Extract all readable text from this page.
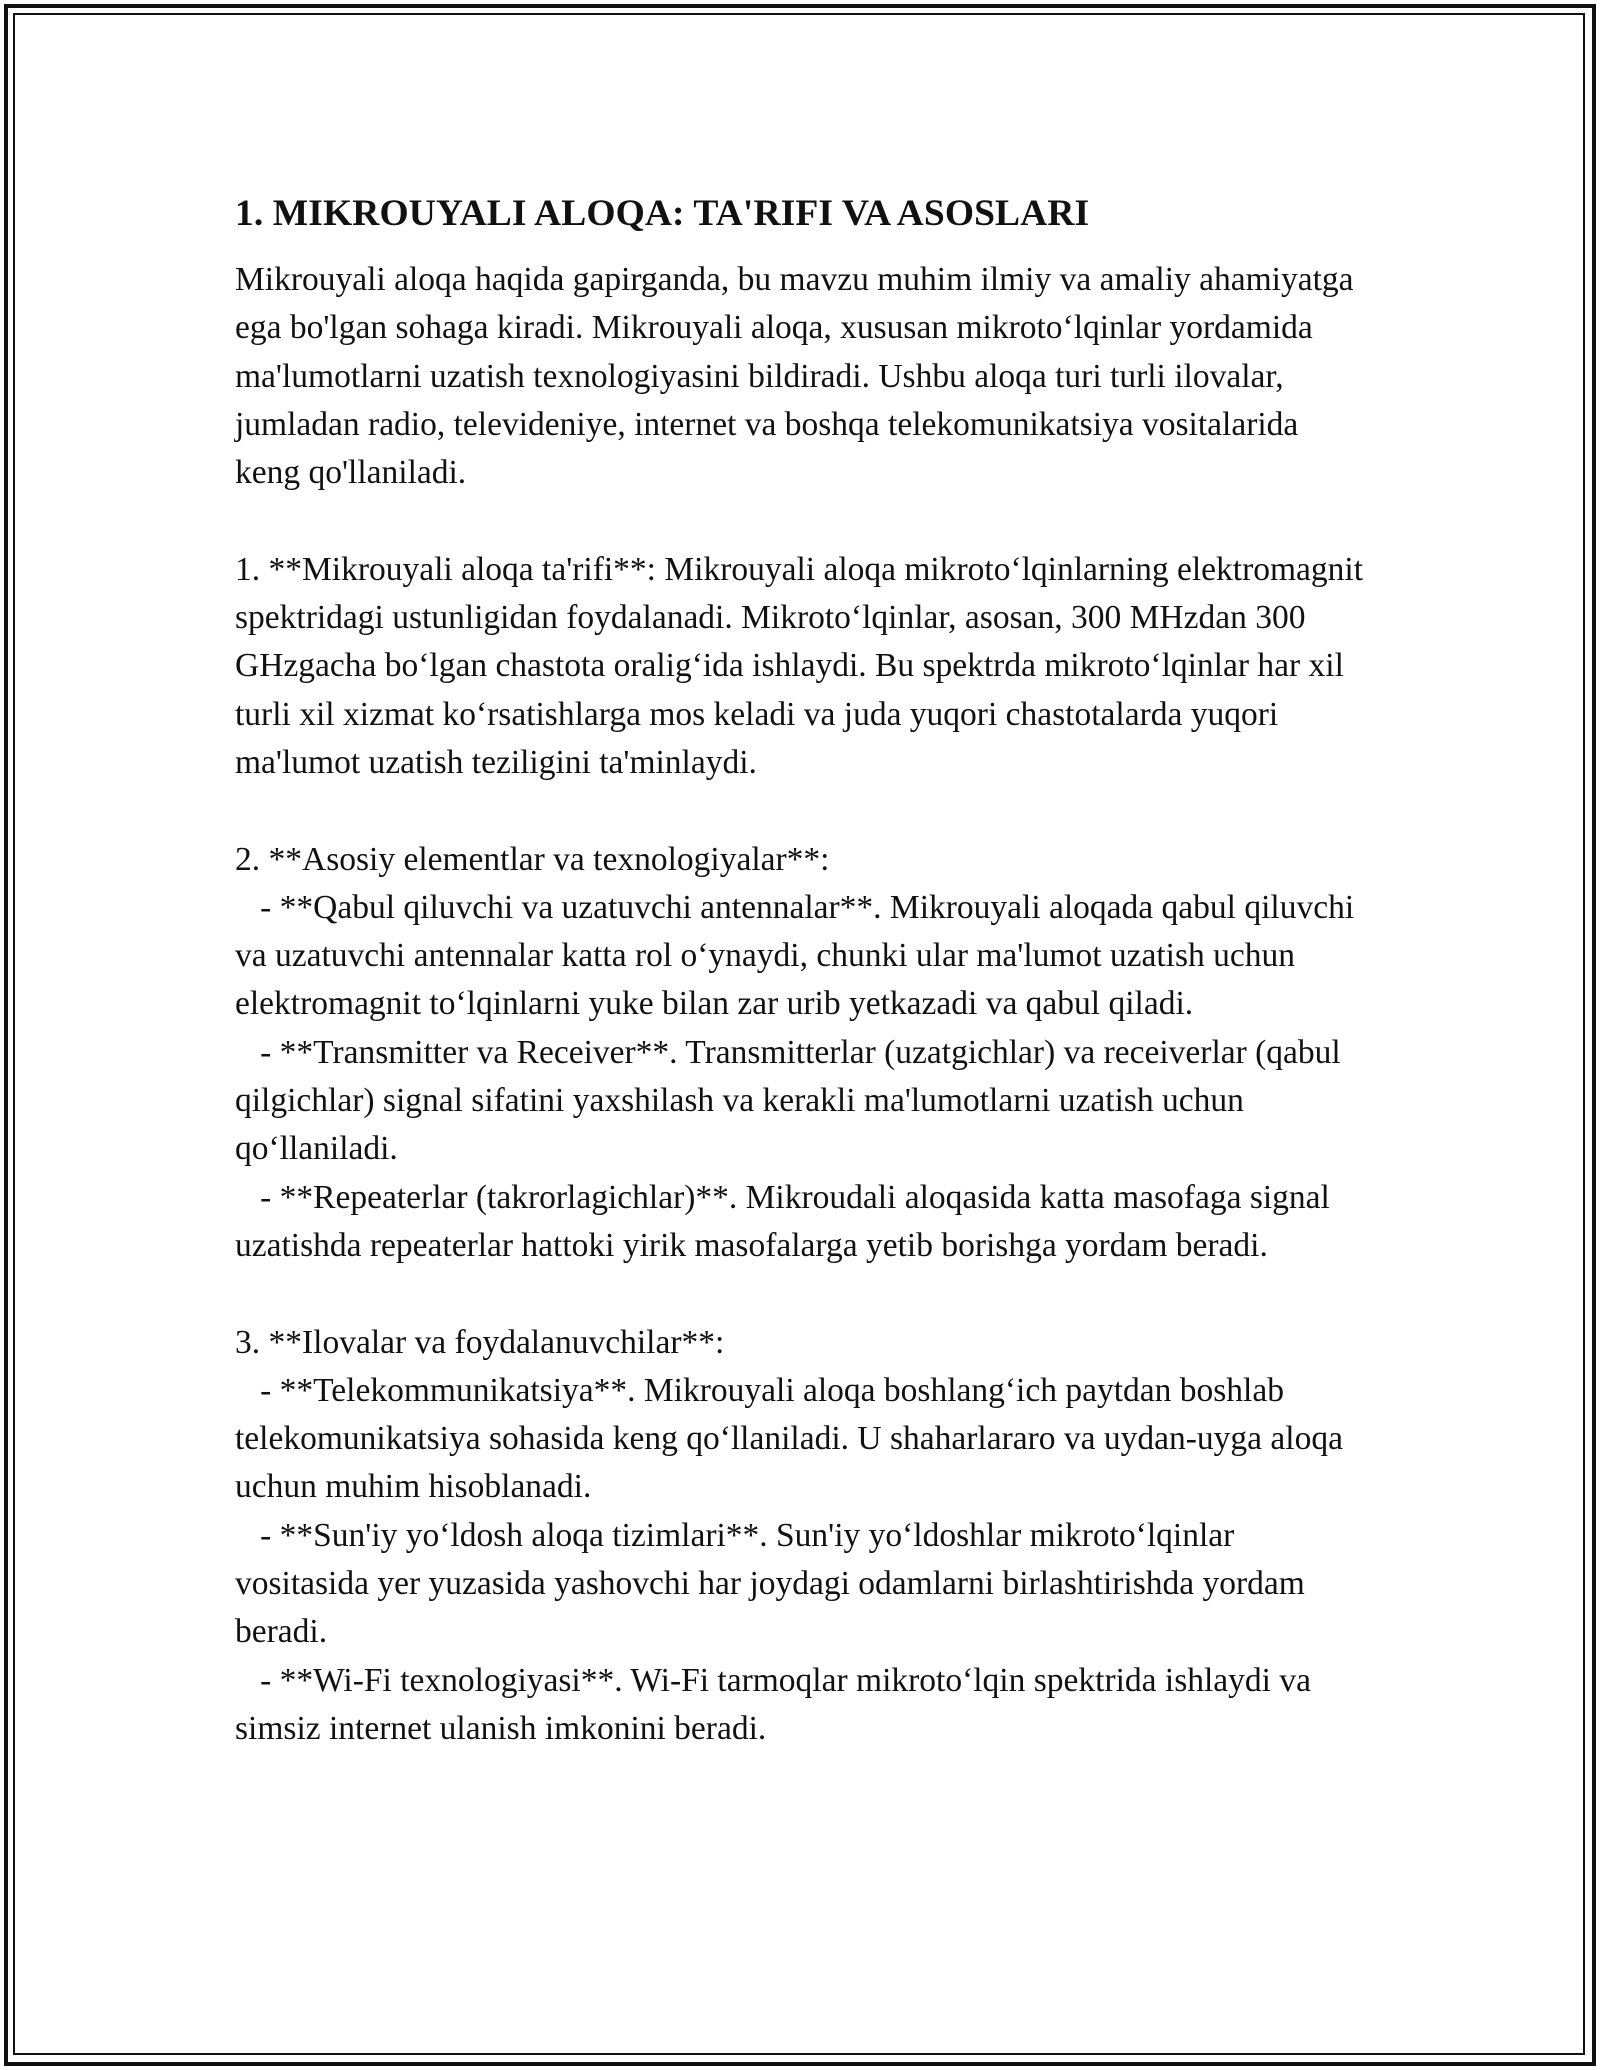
1. MIKROUYALI ALOQA: TA'RIFI VA ASOSLARI

Mikrouyali aloqa haqida gapirganda, bu mavzu muhim ilmiy va amaliy ahamiyatga ega bo'lgan sohaga kiradi. Mikrouyali aloqa, xususan mikroto‘lqinlar yordamida ma'lumotlarni uzatish texnologiyasini bildiradi. Ushbu aloqa turi turli ilovalar, jumladan radio, televideniye, internet va boshqa telekomunikatsiya vositalarida keng qo'llaniladi.

1. **Mikrouyali aloqa ta'rifi**: Mikrouyali aloqa mikroto‘lqinlarning elektromagnit spektridagi ustunligidan foydalanadi. Mikroto‘lqinlar, asosan, 300 MHzdan 300 GHzgacha bo‘lgan chastota oralig‘ida ishlaydi. Bu spektrda mikroto‘lqinlar har xil turli xil xizmat ko‘rsatishlarga mos keladi va juda yuqori chastotalarda yuqori ma'lumot uzatish teziligini ta'minlaydi.

2. **Asosiy elementlar va texnologiyalar**:

- **Qabul qiluvchi va uzatuvchi antennalar**. Mikrouyali aloqada qabul qiluvchi va uzatuvchi antennalar katta rol o‘ynaydi, chunki ular ma'lumot uzatish uchun elektromagnit to‘lqinlarni yuke bilan zar urib yetkazadi va qabul qiladi.

- **Transmitter va Receiver**. Transmitterlar (uzatgichlar) va receiverlar (qabul qilgichlar) signal sifatini yaxshilash va kerakli ma'lumotlarni uzatish uchun qo‘llaniladi.

- **Repeaterlar (takrorlagichlar)**. Mikroudali aloqasida katta masofaga signal uzatishda repeaterlar hattoki yirik masofalarga yetib borishga yordam beradi.

3. **Ilovalar va foydalanuvchilar**:

- **Telekommunikatsiya**. Mikrouyali aloqa boshlang‘ich paytdan boshlab telekomunikatsiya sohasida keng qo‘llaniladi. U shaharlararo va uydan-uyga aloqa uchun muhim hisoblanadi.

- **Sun'iy yo‘ldosh aloqa tizimlari**. Sun'iy yo‘ldoshlar mikroto‘lqinlar vositasida yer yuzasida yashovchi har joydagi odamlarni birlashtirishda yordam beradi.

- **Wi-Fi texnologiyasi**. Wi-Fi tarmoqlar mikroto‘lqin spektrida ishlaydi va simsiz internet ulanish imkonini beradi.
